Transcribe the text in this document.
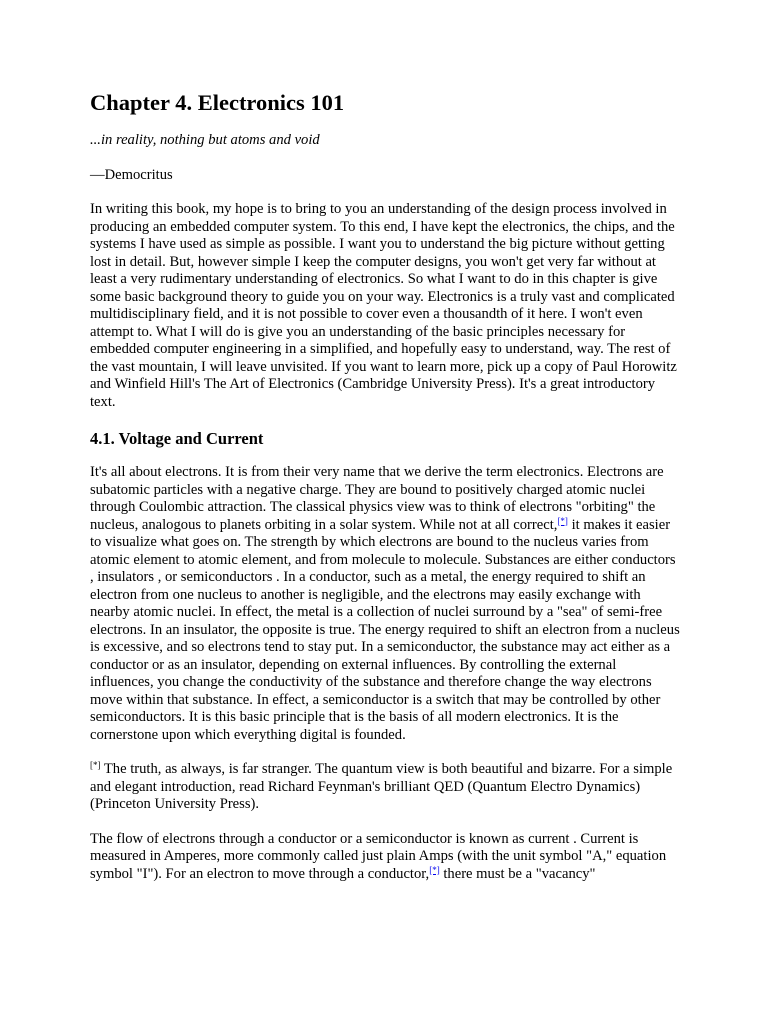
Chapter 4. Electronics 101

...in reality, nothing but atoms and void

—Democritus

In writing this book, my hope is to bring to you an understanding of the design process involved in producing an embedded computer system. To this end, I have kept the electronics, the chips, and the systems I have used as simple as possible. I want you to understand the big picture without getting lost in detail. But, however simple I keep the computer designs, you won't get very far without at least a very rudimentary understanding of electronics. So what I want to do in this chapter is give some basic background theory to guide you on your way. Electronics is a truly vast and complicated multidisciplinary field, and it is not possible to cover even a thousandth of it here. I won't even attempt to. What I will do is give you an understanding of the basic principles necessary for embedded computer engineering in a simplified, and hopefully easy to understand, way. The rest of the vast mountain, I will leave unvisited. If you want to learn more, pick up a copy of Paul Horowitz and Winfield Hill's The Art of Electronics (Cambridge University Press). It's a great introductory text.

4.1. Voltage and Current

It's all about electrons. It is from their very name that we derive the term electronics. Electrons are subatomic particles with a negative charge. They are bound to positively charged atomic nuclei through Coulombic attraction. The classical physics view was to think of electrons "orbiting" the nucleus, analogous to planets orbiting in a solar system. While not at all correct,[*] it makes it easier to visualize what goes on. The strength by which electrons are bound to the nucleus varies from atomic element to atomic element, and from molecule to molecule. Substances are either conductors , insulators , or semiconductors . In a conductor, such as a metal, the energy required to shift an electron from one nucleus to another is negligible, and the electrons may easily exchange with nearby atomic nuclei. In effect, the metal is a collection of nuclei surround by a "sea" of semi-free electrons. In an insulator, the opposite is true. The energy required to shift an electron from a nucleus is excessive, and so electrons tend to stay put. In a semiconductor, the substance may act either as a conductor or as an insulator, depending on external influences. By controlling the external influences, you change the conductivity of the substance and therefore change the way electrons move within that substance. In effect, a semiconductor is a switch that may be controlled by other semiconductors. It is this basic principle that is the basis of all modern electronics. It is the cornerstone upon which everything digital is founded.

[*] The truth, as always, is far stranger. The quantum view is both beautiful and bizarre. For a simple and elegant introduction, read Richard Feynman's brilliant QED (Quantum Electro Dynamics) (Princeton University Press).

The flow of electrons through a conductor or a semiconductor is known as current . Current is measured in Amperes, more commonly called just plain Amps (with the unit symbol "A," equation symbol "I"). For an electron to move through a conductor,[*] there must be a "vacancy"
